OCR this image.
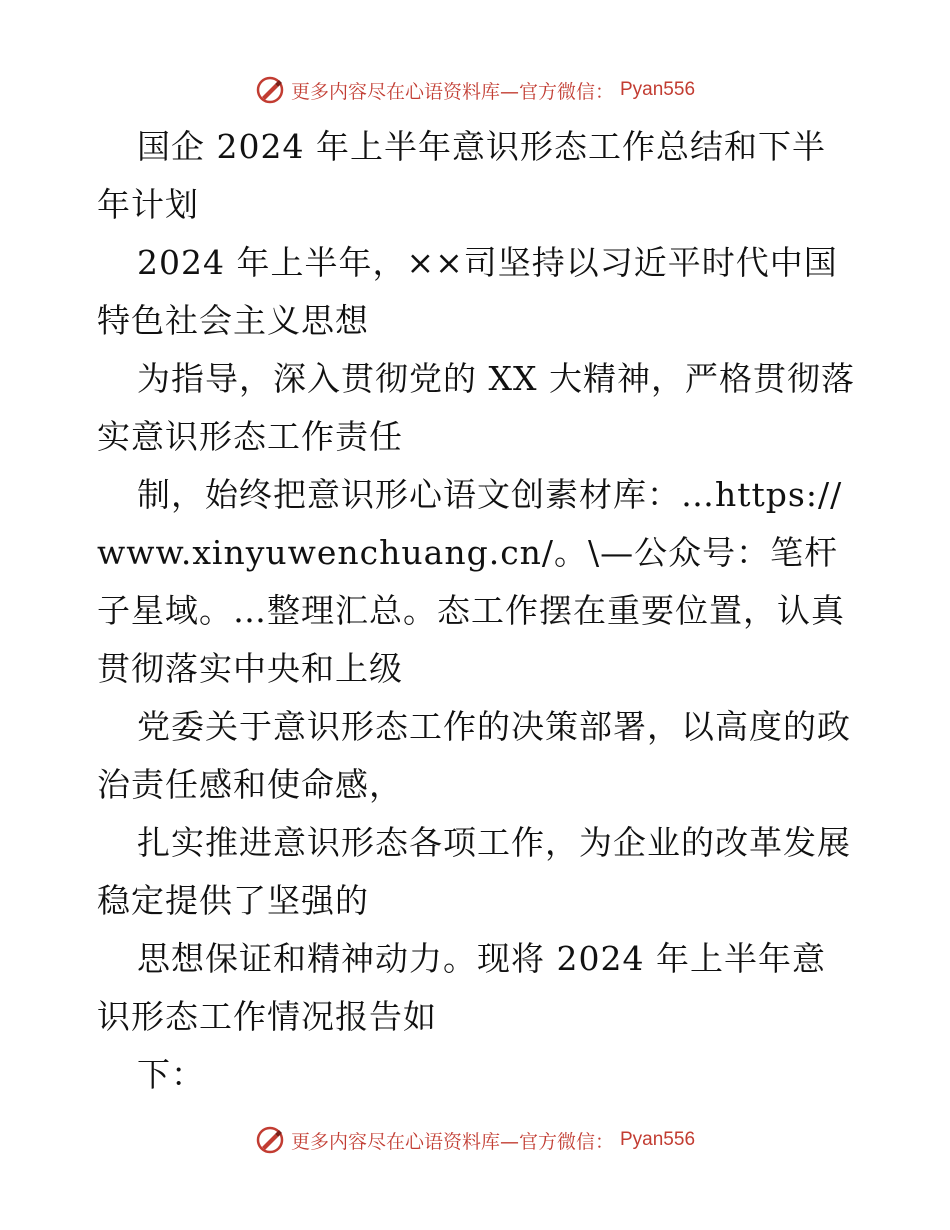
更多内容尽在心语资料库—官方微信： Pyan556

国企 2024 年上半年意识形态工作总结和下半年计划

2024 年上半年，××司坚持以习近平时代中国特色社会主义思想

为指导，深入贯彻党的 XX 大精神，严格贯彻落实意识形态工作责任

制，始终把意识形心语文创素材库：…https://www.xinyuwenchuang.cn/。\—公众号：笔杆子星域。…整理汇总。态工作摆在重要位置，认真贯彻落实中央和上级

党委关于意识形态工作的决策部署，以高度的政治责任感和使命感，

扎实推进意识形态各项工作，为企业的改革发展稳定提供了坚强的

思想保证和精神动力。现将 2024 年上半年意识形态工作情况报告如

下：

更多内容尽在心语资料库—官方微信： Pyan556
